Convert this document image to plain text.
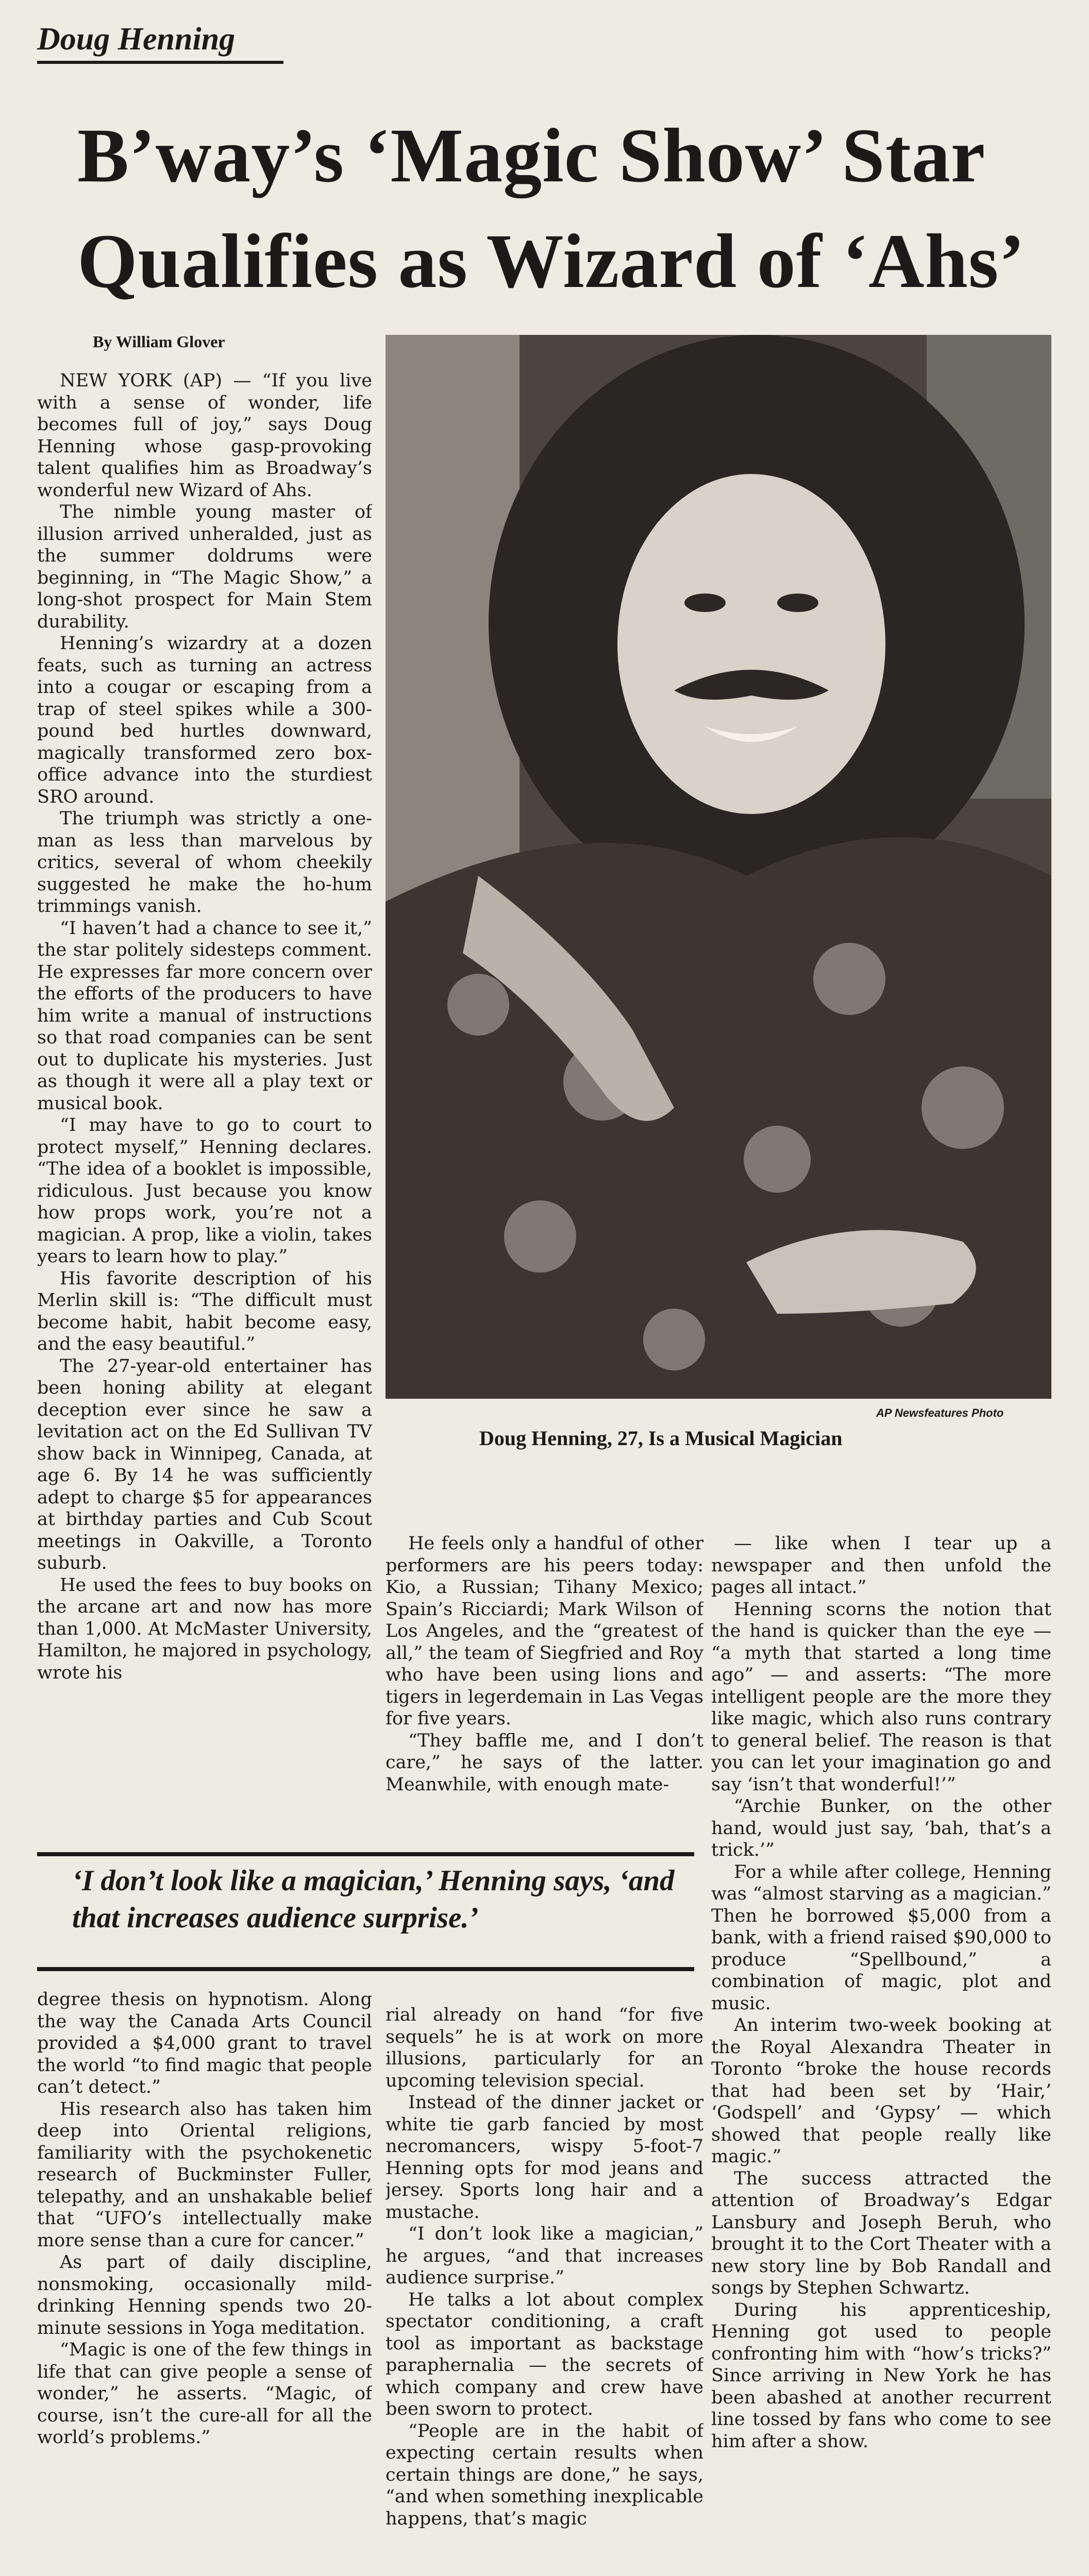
Doug Henning
B’way’s ‘Magic Show’ Star Qualifies as Wizard of ‘Ahs’
By William Glover

NEW YORK (AP) — “If you live with a sense of wonder, life becomes full of joy,” says Doug Henning whose gasp-provoking talent qualifies him as Broadway’s wonderful new Wizard of Ahs.

The nimble young master of illusion arrived unheralded, just as the summer doldrums were beginning, in “The Magic Show,” a long-shot prospect for Main Stem durability.

Henning’s wizardry at a dozen feats, such as turning an actress into a cougar or escaping from a trap of steel spikes while a 300-pound bed hurtles downward, magically transformed zero box-office advance into the sturdiest SRO around.

The triumph was strictly a one-man as less than marvelous by critics, several of whom cheekily suggested he make the ho-hum trimmings vanish.

“I haven’t had a chance to see it,” the star politely sidesteps comment. He expresses far more concern over the efforts of the producers to have him write a manual of instructions so that road companies can be sent out to duplicate his mysteries. Just as though it were all a play text or musical book.

“I may have to go to court to protect myself,” Henning declares. “The idea of a booklet is impossible, ridiculous. Just because you know how props work, you’re not a magician. A prop, like a violin, takes years to learn how to play.”

His favorite description of his Merlin skill is: “The difficult must become habit, habit become easy, and the easy beautiful.”

The 27-year-old entertainer has been honing ability at elegant deception ever since he saw a levitation act on the Ed Sullivan TV show back in Winnipeg, Canada, at age 6. By 14 he was sufficiently adept to charge $5 for appearances at birthday parties and Cub Scout meetings in Oakville, a Toronto suburb.

He used the fees to buy books on the arcane art and now has more than 1,000. At McMaster University, Hamilton, he majored in psychology, wrote his

AP Newsfeatures Photo
Doug Henning, 27, Is a Musical Magician

He feels only a handful of other performers are his peers today: Kio, a Russian; Tihany Mexico; Spain’s Ricciardi; Mark Wilson of Los Angeles, and the “greatest of all,” the team of Siegfried and Roy who have been using lions and tigers in legerdemain in Las Vegas for five years.

“They baffle me, and I don’t care,” he says of the latter. Meanwhile, with enough mate-

— like when I tear up a newspaper and then unfold the pages all intact.”

Henning scorns the notion that the hand is quicker than the eye — “a myth that started a long time ago” — and asserts: “The more intelligent people are the more they like magic, which also runs contrary to general belief. The reason is that you can let your imagination go and say ‘isn’t that wonderful!’”

“Archie Bunker, on the other hand, would just say, ‘bah, that’s a trick.’”

For a while after college, Henning was “almost starving as a magician.” Then he borrowed $5,000 from a bank, with a friend raised $90,000 to produce “Spellbound,” a combination of magic, plot and music.

An interim two-week booking at the Royal Alexandra Theater in Toronto “broke the house records that had been set by ‘Hair,’ ‘Godspell’ and ‘Gypsy’ — which showed that people really like magic.”

The success attracted the attention of Broadway’s Edgar Lansbury and Joseph Beruh, who brought it to the Cort Theater with a new story line by Bob Randall and songs by Stephen Schwartz.

During his apprenticeship, Henning got used to people confronting him with “how’s tricks?” Since arriving in New York he has been abashed at another recurrent line tossed by fans who come to see him after a show.

‘I don’t look like a magician,’ Henning says, ‘and that increases audience surprise.’

degree thesis on hypnotism. Along the way the Canada Arts Council provided a $4,000 grant to travel the world “to find magic that people can’t detect.”

His research also has taken him deep into Oriental religions, familiarity with the psychokenetic research of Buckminster Fuller, telepathy, and an unshakable belief that “UFO’s intellectually make more sense than a cure for cancer.”

As part of daily discipline, nonsmoking, occasionally mild-drinking Henning spends two 20-minute sessions in Yoga meditation.

“Magic is one of the few things in life that can give people a sense of wonder,” he asserts. “Magic, of course, isn’t the cure-all for all the world’s problems.”

rial already on hand “for five sequels” he is at work on more illusions, particularly for an upcoming television special.

Instead of the dinner jacket or white tie garb fancied by most necromancers, wispy 5-foot-7 Henning opts for mod jeans and jersey. Sports long hair and a mustache.

“I don’t look like a magician,” he argues, “and that increases audience surprise.”

He talks a lot about complex spectator conditioning, a craft tool as important as backstage paraphernalia — the secrets of which company and crew have been sworn to protect.

“People are in the habit of expecting certain results when certain things are done,” he says, “and when something inexplicable happens, that’s magic
